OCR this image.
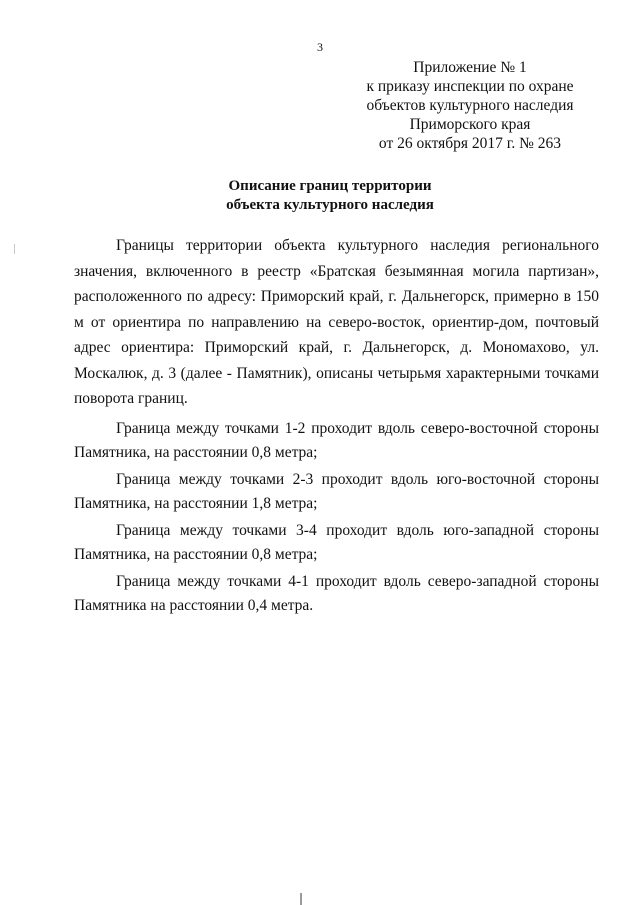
3
Приложение № 1
к приказу инспекции по охране
объектов культурного наследия
Приморского края
от 26 октября 2017 г. № 263
Описание границ территории
объекта культурного наследия

Границы территории объекта культурного наследия регионального значения, включенного в реестр «Братская безымянная могила партизан», расположенного по адресу: Приморский край, г. Дальнегорск, примерно в 150 м от ориентира по направлению на северо-восток, ориентир-дом, почтовый адрес ориентира: Приморский край, г. Дальнегорск, д. Мономахово, ул. Москалюк, д. 3 (далее - Памятник), описаны четырьмя характерными точками поворота границ.

Граница между точками 1-2 проходит вдоль северо-восточной стороны Памятника, на расстоянии 0,8 метра;

Граница между точками 2-3 проходит вдоль юго-восточной стороны Памятника, на расстоянии 1,8 метра;

Граница между точками 3-4 проходит вдоль юго-западной стороны Памятника, на расстоянии 0,8 метра;

Граница между точками 4-1 проходит вдоль северо-западной стороны Памятника на расстоянии 0,4 метра.
